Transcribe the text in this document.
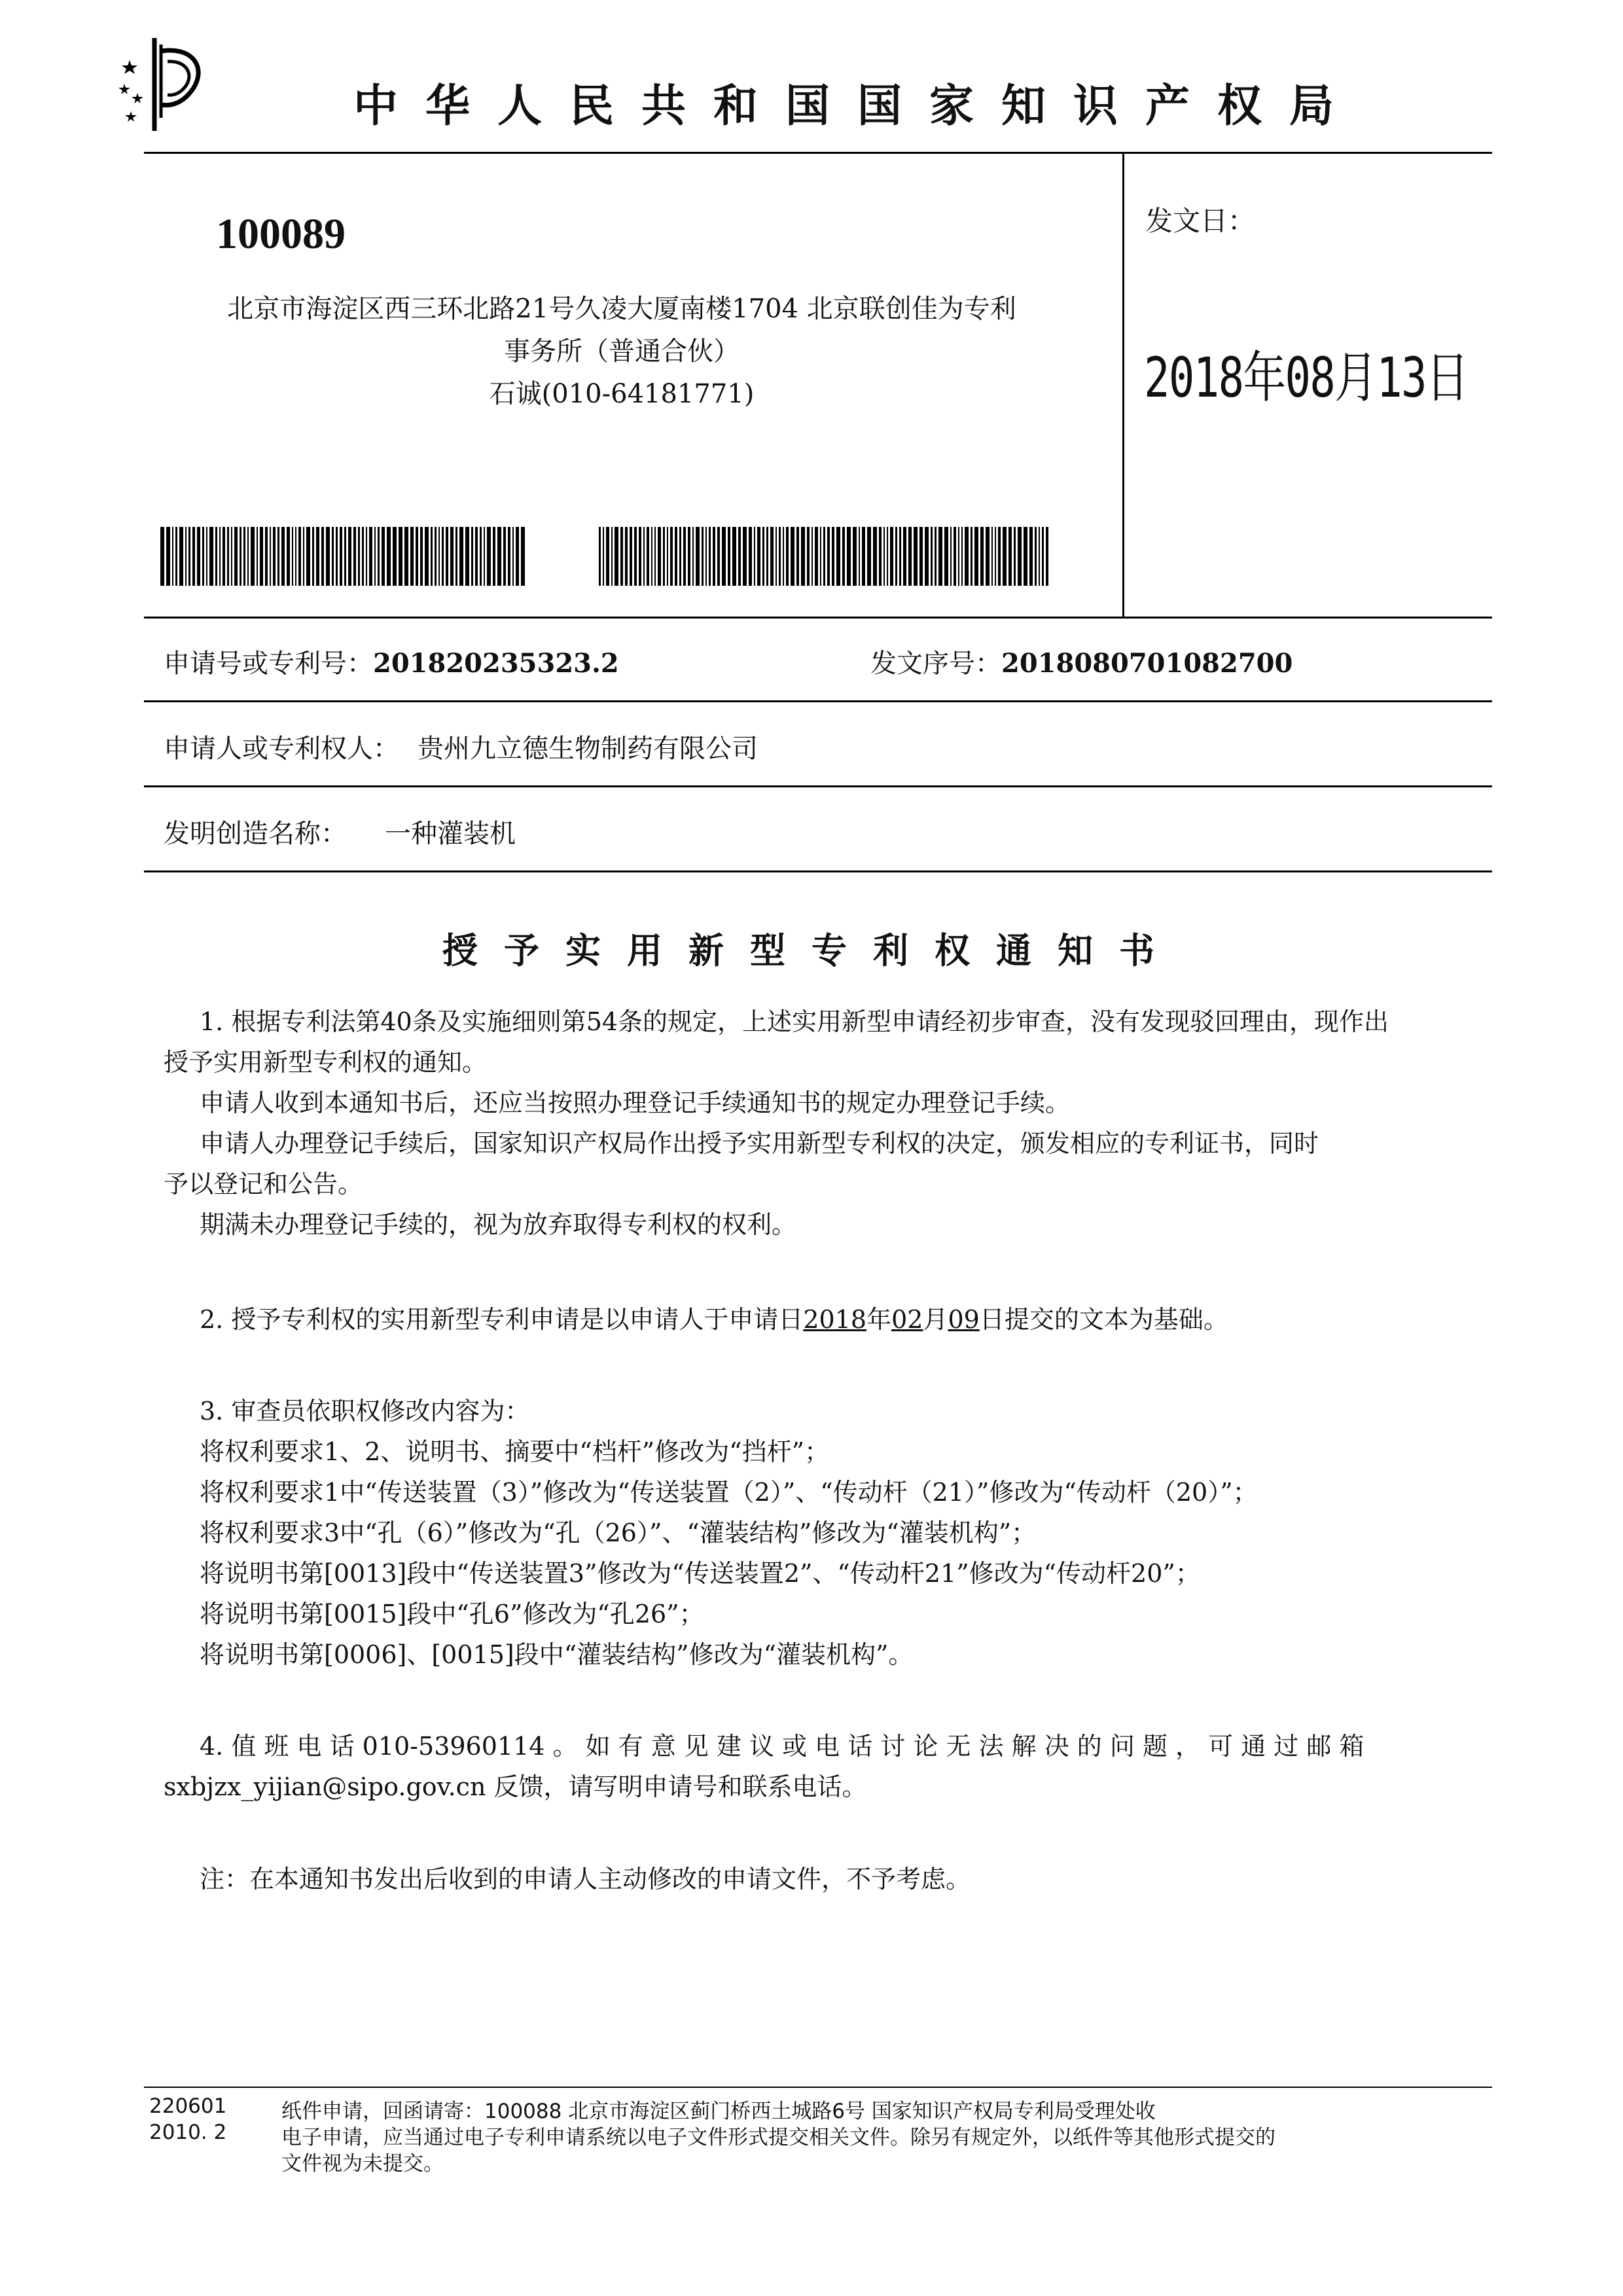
中华人民共和国国家知识产权局
100089
北京市海淀区西三环北路21号久凌大厦南楼1704 北京联创佳为专利
事务所（普通合伙）
石诚(010-64181771)
发文日：
2018年08月13日
申请号或专利号：201820235323.2	发文序号：2018080701082700
申请人或专利权人： 贵州九立德生物制药有限公司
发明创造名称： 一种灌装机
授予实用新型专利权通知书
1. 根据专利法第40条及实施细则第54条的规定，上述实用新型申请经初步审查，没有发现驳回理由，现作出
授予实用新型专利权的通知。
申请人收到本通知书后，还应当按照办理登记手续通知书的规定办理登记手续。
申请人办理登记手续后，国家知识产权局作出授予实用新型专利权的决定，颁发相应的专利证书，同时
予以登记和公告。
期满未办理登记手续的，视为放弃取得专利权的权利。
2. 授予专利权的实用新型专利申请是以申请人于申请日2018年02月09日提交的文本为基础。
3. 审查员依职权修改内容为：
将权利要求1、2、说明书、摘要中“档杆”修改为“挡杆”；
将权利要求1中“传送装置（3）”修改为“传送装置（2）”、“传动杆（21）”修改为“传动杆（20）”；
将权利要求3中“孔（6）”修改为“孔（26）”、“灌装结构”修改为“灌装机构”；
将说明书第[0013]段中“传送装置3”修改为“传送装置2”、“传动杆21”修改为“传动杆20”；
将说明书第[0015]段中“孔6”修改为“孔26”；
将说明书第[0006]、[0015]段中“灌装结构”修改为“灌装机构”。
4. 值 班 电 话 010-53960114 。 如 有 意 见 建 议 或 电 话 讨 论 无 法 解 决 的 问 题 ， 可 通 过 邮 箱
sxbjzx_yijian@sipo.gov.cn 反馈，请写明申请号和联系电话。
注：在本通知书发出后收到的申请人主动修改的申请文件，不予考虑。
220601
2010. 2
纸件申请，回函请寄：100088 北京市海淀区蓟门桥西土城路6号 国家知识产权局专利局受理处收
电子申请，应当通过电子专利申请系统以电子文件形式提交相关文件。除另有规定外，以纸件等其他形式提交的
文件视为未提交。
